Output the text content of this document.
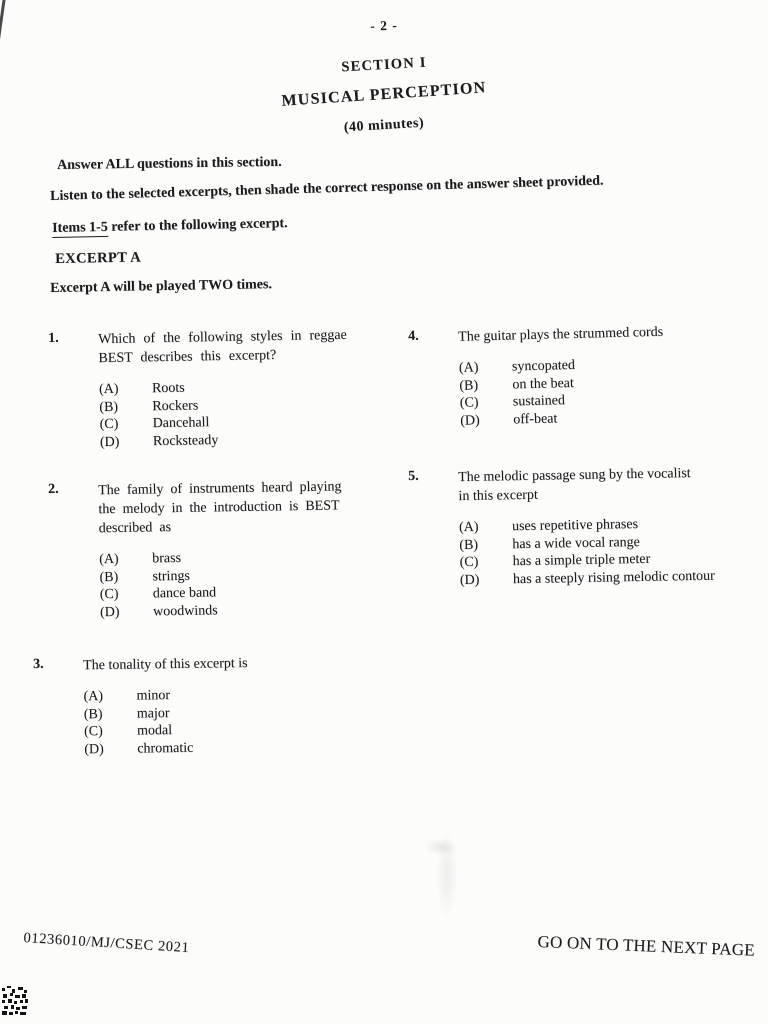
- 2 -
SECTION I
MUSICAL PERCEPTION
(40 minutes)
Answer ALL questions in this section.
Listen to the selected excerpts, then shade the correct response on the answer sheet provided.
Items 1-5 refer to the following excerpt.
EXCERPT A
Excerpt A will be played TWO times.
1.	Which of the following styles in reggae
BEST describes this excerpt?
(A)	Roots
(B)	Rockers
(C)	Dancehall
(D)	Rocksteady
2.	The family of instruments heard playing
the melody in the introduction is BEST
described as
(A)	brass
(B)	strings
(C)	dance band
(D)	woodwinds
3.	The tonality of this excerpt is
(A)	minor
(B)	major
(C)	modal
(D)	chromatic
4.	The guitar plays the strummed cords
(A)	syncopated
(B)	on the beat
(C)	sustained
(D)	off-beat
5.	The melodic passage sung by the vocalist
in this excerpt
(A)	uses repetitive phrases
(B)	has a wide vocal range
(C)	has a simple triple meter
(D)	has a steeply rising melodic contour
01236010/MJ/CSEC 2021	GO ON TO THE NEXT PAGE
